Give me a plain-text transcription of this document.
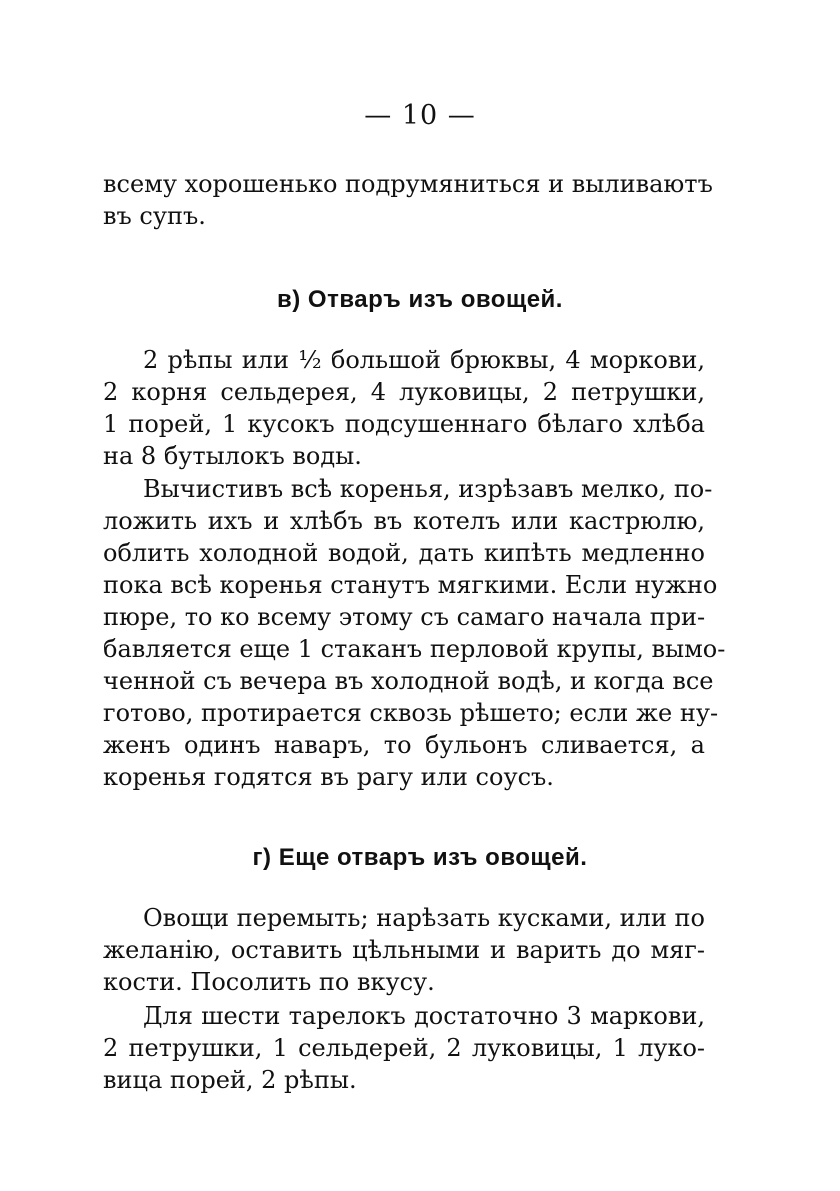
— 10 —
всему хорошенько подрумяниться и выливаютъ
въ супъ.
в) Отваръ изъ овощей.
2 рѣпы или ½ большой брюквы, 4 моркови,
2 корня сельдерея, 4 луковицы, 2 петрушки,
1 порей, 1 кусокъ подсушеннаго бѣлаго хлѣба
на 8 бутылокъ воды.
Вычистивъ всѣ коренья, изрѣзавъ мелко, по-
ложить ихъ и хлѣбъ въ котелъ или кастрюлю,
облить холодной водой, дать кипѣть медленно
пока всѣ коренья станутъ мягкими. Если нужно
пюре, то ко всему этому съ самаго начала при-
бавляется еще 1 стаканъ перловой крупы, вымо-
ченной съ вечера въ холодной водѣ, и когда все
готово, протирается сквозь рѣшето; если же ну-
женъ одинъ наваръ, то бульонъ сливается, а
коренья годятся въ рагу или соусъ.
г) Еще отваръ изъ овощей.
Овощи перемыть; нарѣзать кусками, или по
желанію, оставить цѣльными и варить до мяг-
кости. Посолить по вкусу.
Для шести тарелокъ достаточно 3 маркови,
2 петрушки, 1 сельдерей, 2 луковицы, 1 луко-
вица порей, 2 рѣпы.
